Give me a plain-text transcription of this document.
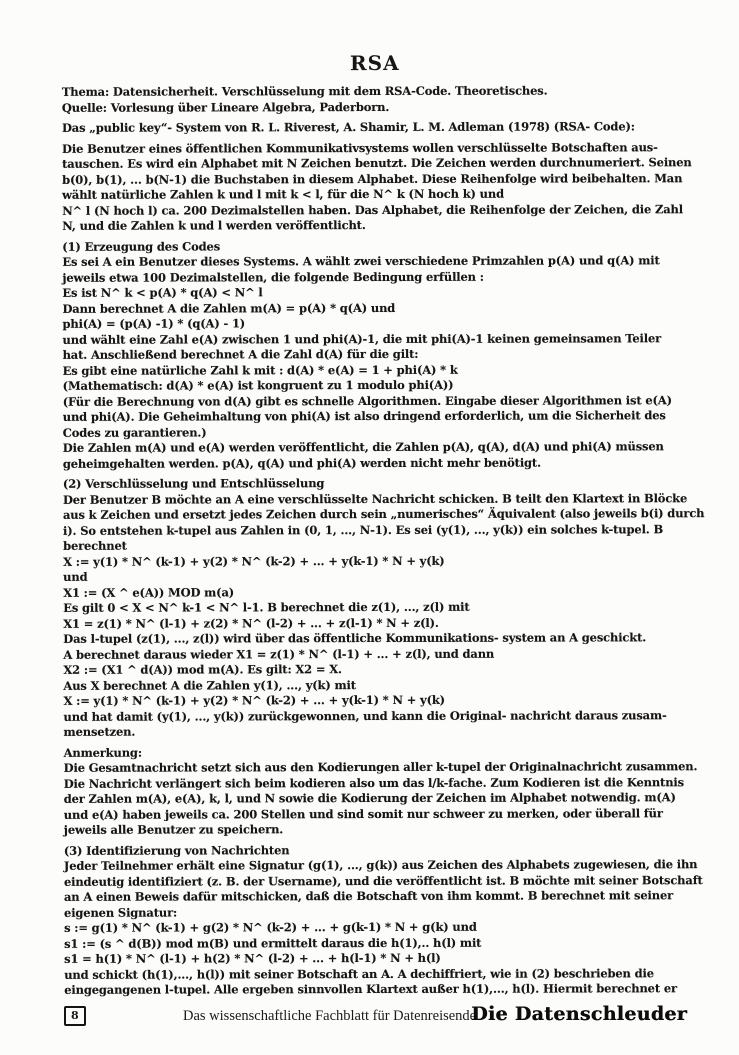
RSA
Thema: Datensicherheit. Verschlüsselung mit dem RSA-Code. Theoretisches.
Quelle: Vorlesung über Lineare Algebra, Paderborn.
Das „public key“- System von R. L. Riverest, A. Shamir, L. M. Adleman (1978) (RSA- Code):
Die Benutzer eines öffentlichen Kommunikativsystems wollen verschlüsselte Botschaften aus-
tauschen. Es wird ein Alphabet mit N Zeichen benutzt. Die Zeichen werden durchnumeriert. Seinen
b(0), b(1), ... b(N-1) die Buchstaben in diesem Alphabet. Diese Reihenfolge wird beibehalten. Man
wählt natürliche Zahlen k und l mit k < l, für die N^ k (N hoch k) und
N^ l (N hoch l) ca. 200 Dezimalstellen haben. Das Alphabet, die Reihenfolge der Zeichen, die Zahl
N, und die Zahlen k und l werden veröffentlicht.
(1) Erzeugung des Codes
Es sei A ein Benutzer dieses Systems. A wählt zwei verschiedene Primzahlen p(A) und q(A) mit
jeweils etwa 100 Dezimalstellen, die folgende Bedingung erfüllen :
Es ist N^ k < p(A) * q(A) < N^ l
Dann berechnet A die Zahlen m(A) = p(A) * q(A) und
phi(A) = (p(A) -1) * (q(A) - 1)
und wählt eine Zahl e(A) zwischen 1 und phi(A)-1, die mit phi(A)-1 keinen gemeinsamen Teiler
hat. Anschließend berechnet A die Zahl d(A) für die gilt:
Es gibt eine natürliche Zahl k mit : d(A) * e(A) = 1 + phi(A) * k
(Mathematisch: d(A) * e(A) ist kongruent zu 1 modulo phi(A))
(Für die Berechnung von d(A) gibt es schnelle Algorithmen. Eingabe dieser Algorithmen ist e(A)
und phi(A). Die Geheimhaltung von phi(A) ist also dringend erforderlich, um die Sicherheit des
Codes zu garantieren.)
Die Zahlen m(A) und e(A) werden veröffentlicht, die Zahlen p(A), q(A), d(A) und phi(A) müssen
geheimgehalten werden. p(A), q(A) und phi(A) werden nicht mehr benötigt.
(2) Verschlüsselung und Entschlüsselung
Der Benutzer B möchte an A eine verschlüsselte Nachricht schicken. B teilt den Klartext in Blöcke
aus k Zeichen und ersetzt jedes Zeichen durch sein „numerisches“ Äquivalent (also jeweils b(i) durch
i). So entstehen k-tupel aus Zahlen in (0, 1, ..., N-1). Es sei (y(1), ..., y(k)) ein solches k-tupel. B
berechnet
X := y(1) * N^ (k-1) + y(2) * N^ (k-2) + ... + y(k-1) * N + y(k)
und
X1 := (X ^ e(A)) MOD m(a)
Es gilt 0 < X < N^ k-1 < N^ l-1. B berechnet die z(1), ..., z(l) mit
X1 = z(1) * N^ (l-1) + z(2) * N^ (l-2) + ... + z(l-1) * N + z(l).
Das l-tupel (z(1), ..., z(l)) wird über das öffentliche Kommunikations- system an A geschickt.
A berechnet daraus wieder X1 = z(1) * N^ (l-1) + ... + z(l), und dann
X2 := (X1 ^ d(A)) mod m(A). Es gilt: X2 = X.
Aus X berechnet A die Zahlen y(1), ..., y(k) mit
X := y(1) * N^ (k-1) + y(2) * N^ (k-2) + ... + y(k-1) * N + y(k)
und hat damit (y(1), ..., y(k)) zurückgewonnen, und kann die Original- nachricht daraus zusam-
mensetzen.
Anmerkung:
Die Gesamtnachricht setzt sich aus den Kodierungen aller k-tupel der Originalnachricht zusammen.
Die Nachricht verlängert sich beim kodieren also um das l/k-fache. Zum Kodieren ist die Kenntnis
der Zahlen m(A), e(A), k, l, und N sowie die Kodierung der Zeichen im Alphabet notwendig. m(A)
und e(A) haben jeweils ca. 200 Stellen und sind somit nur schweer zu merken, oder überall für
jeweils alle Benutzer zu speichern.
(3) Identifizierung von Nachrichten
Jeder Teilnehmer erhält eine Signatur (g(1), ..., g(k)) aus Zeichen des Alphabets zugewiesen, die ihn
eindeutig identifiziert (z. B. der Username), und die veröffentlicht ist. B möchte mit seiner Botschaft
an A einen Beweis dafür mitschicken, daß die Botschaft von ihm kommt. B berechnet mit seiner
eigenen Signatur:
s := g(1) * N^ (k-1) + g(2) * N^ (k-2) + ... + g(k-1) * N + g(k) und
s1 := (s ^ d(B)) mod m(B) und ermittelt daraus die h(1),.. h(l) mit
s1 = h(1) * N^ (l-1) + h(2) * N^ (l-2) + ... + h(l-1) * N + h(l)
und schickt (h(1),..., h(l)) mit seiner Botschaft an A. A dechiffriert, wie in (2) beschrieben die
eingegangenen l-tupel. Alle ergeben sinnvollen Klartext außer h(1),..., h(l). Hiermit berechnet er
8	Das wissenschaftliche Fachblatt für Datenreisende
Die Datenschleuder
